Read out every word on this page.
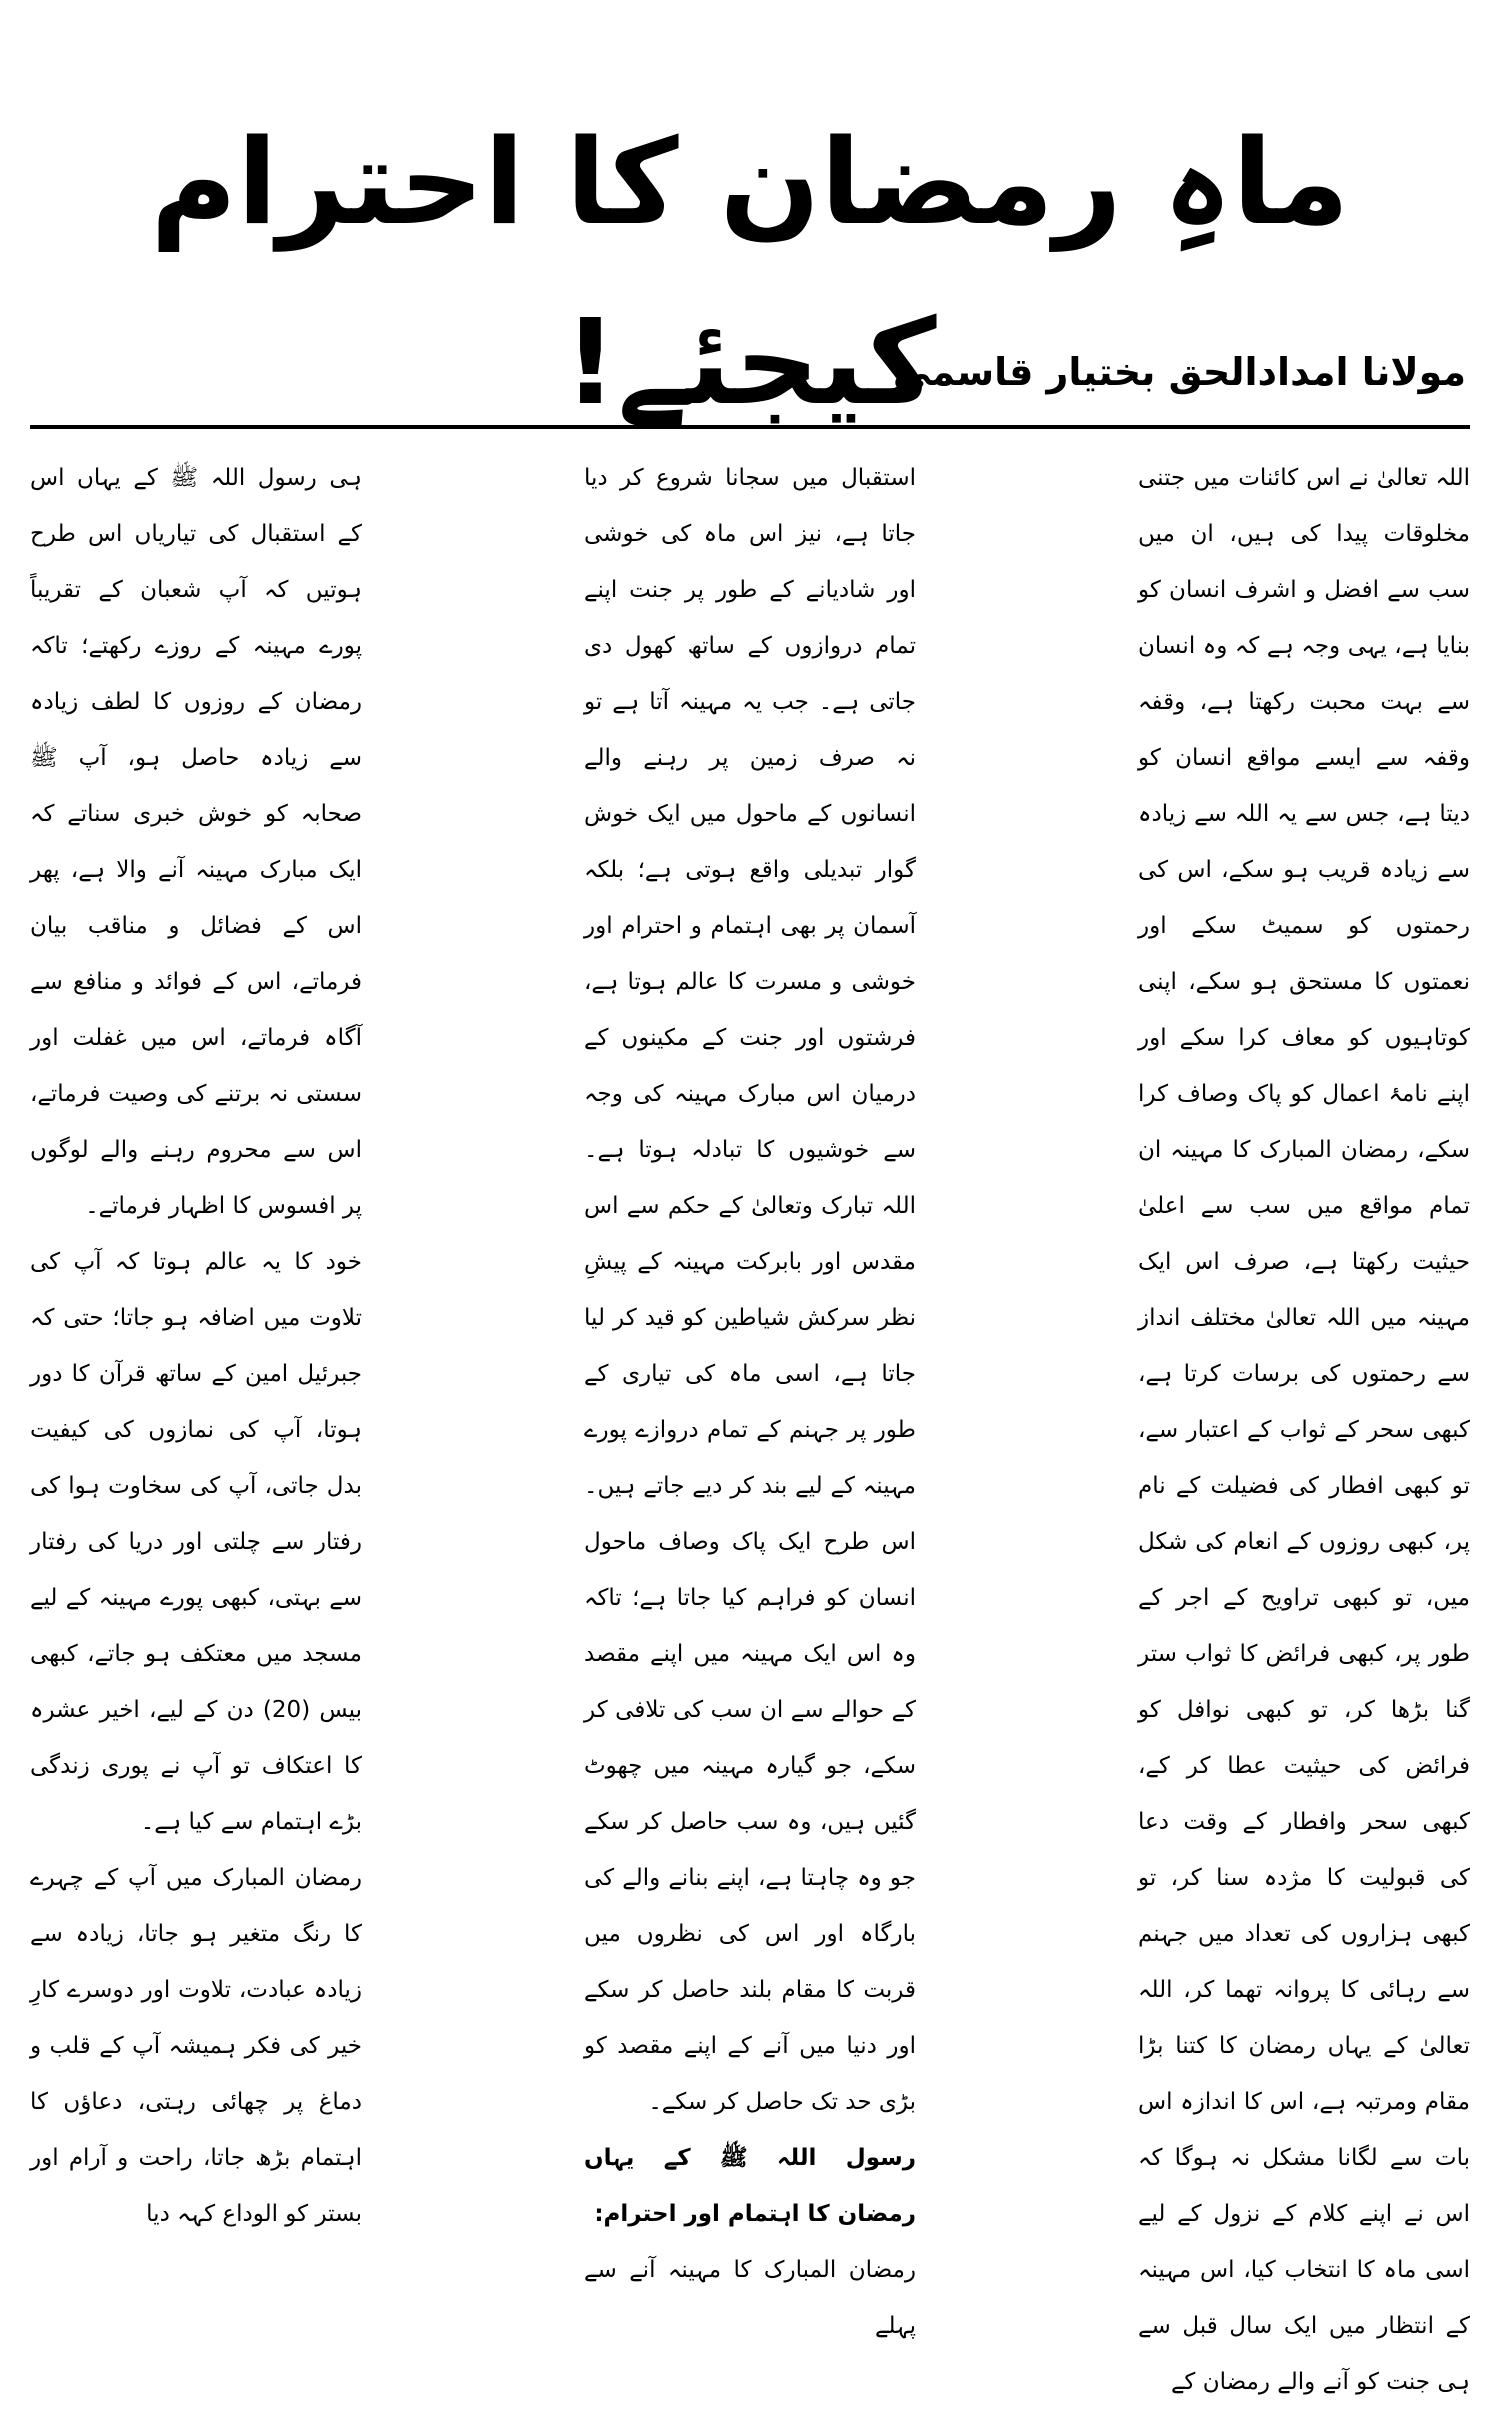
ماہِ رمضان کا احترام کیجئے!
مولانا امدادالحق بختیار قاسمی

اللہ تعالیٰ نے اس کائنات میں جتنی مخلوقات پیدا کی ہیں، ان میں سب سے افضل و اشرف انسان کو بنایا ہے، یہی وجہ ہے کہ وہ انسان سے بہت محبت رکھتا ہے، وقفہ وقفہ سے ایسے مواقع انسان کو دیتا ہے، جس سے یہ اللہ سے زیادہ سے زیادہ قریب ہو سکے، اس کی رحمتوں کو سمیٹ سکے اور نعمتوں کا مستحق ہو سکے، اپنی کوتاہیوں کو معاف کرا سکے اور اپنے نامۂ اعمال کو پاک وصاف کرا سکے، رمضان المبارک کا مہینہ ان تمام مواقع میں سب سے اعلیٰ حیثیت رکھتا ہے، صرف اس ایک مہینہ میں اللہ تعالیٰ مختلف انداز سے رحمتوں کی برسات کرتا ہے، کبھی سحر کے ثواب کے اعتبار سے، تو کبھی افطار کی فضیلت کے نام پر، کبھی روزوں کے انعام کی شکل میں، تو کبھی تراویح کے اجر کے طور پر، کبھی فرائض کا ثواب ستر گنا بڑھا کر، تو کبھی نوافل کو فرائض کی حیثیت عطا کر کے، کبھی سحر وافطار کے وقت دعا کی قبولیت کا مژدہ سنا کر، تو کبھی ہزاروں کی تعداد میں جہنم سے رہائی کا پروانہ تھما کر، اللہ تعالیٰ کے یہاں رمضان کا کتنا بڑا مقام ومرتبہ ہے، اس کا اندازہ اس بات سے لگانا مشکل نہ ہوگا کہ اس نے اپنے کلام کے نزول کے لیے اسی ماہ کا انتخاب کیا، اس مہینہ کے انتظار میں ایک سال قبل سے ہی جنت کو آنے والے رمضان کے

استقبال میں سجانا شروع کر دیا جاتا ہے، نیز اس ماہ کی خوشی اور شادیانے کے طور پر جنت اپنے تمام دروازوں کے ساتھ کھول دی جاتی ہے۔ جب یہ مہینہ آتا ہے تو نہ صرف زمین پر رہنے والے انسانوں کے ماحول میں ایک خوش گوار تبدیلی واقع ہوتی ہے؛ بلکہ آسمان پر بھی اہتمام و احترام اور خوشی و مسرت کا عالم ہوتا ہے، فرشتوں اور جنت کے مکینوں کے درمیان اس مبارک مہینہ کی وجہ سے خوشیوں کا تبادلہ ہوتا ہے۔ اللہ تبارک وتعالیٰ کے حکم سے اس مقدس اور بابرکت مہینہ کے پیشِ نظر سرکش شیاطین کو قید کر لیا جاتا ہے، اسی ماہ کی تیاری کے طور پر جہنم کے تمام دروازے پورے مہینہ کے لیے بند کر دیے جاتے ہیں۔ اس طرح ایک پاک وصاف ماحول انسان کو فراہم کیا جاتا ہے؛ تاکہ وہ اس ایک مہینہ میں اپنے مقصد کے حوالے سے ان سب کی تلافی کر سکے، جو گیارہ مہینہ میں چھوٹ گئیں ہیں، وہ سب حاصل کر سکے جو وہ چاہتا ہے، اپنے بنانے والے کی بارگاہ اور اس کی نظروں میں قربت کا مقام بلند حاصل کر سکے اور دنیا میں آنے کے اپنے مقصد کو بڑی حد تک حاصل کر سکے۔

رسول اللہ ﷺ کے یہاں رمضان کا اہتمام اور احترام:

رمضان المبارک کا مہینہ آنے سے پہلے

ہی رسول اللہ ﷺ کے یہاں اس کے استقبال کی تیاریاں اس طرح ہوتیں کہ آپ شعبان کے تقریباً پورے مہینہ کے روزے رکھتے؛ تاکہ رمضان کے روزوں کا لطف زیادہ سے زیادہ حاصل ہو، آپ ﷺ صحابہ کو خوش خبری سناتے کہ ایک مبارک مہینہ آنے والا ہے، پھر اس کے فضائل و مناقب بیان فرماتے، اس کے فوائد و منافع سے آگاہ فرماتے، اس میں غفلت اور سستی نہ برتنے کی وصیت فرماتے، اس سے محروم رہنے والے لوگوں پر افسوس کا اظہار فرماتے۔

خود کا یہ عالم ہوتا کہ آپ کی تلاوت میں اضافہ ہو جاتا؛ حتی کہ جبرئیل امین کے ساتھ قرآن کا دور ہوتا، آپ کی نمازوں کی کیفیت بدل جاتی، آپ کی سخاوت ہوا کی رفتار سے چلتی اور دریا کی رفتار سے بہتی، کبھی پورے مہینہ کے لیے مسجد میں معتکف ہو جاتے، کبھی بیس (20) دن کے لیے، اخیر عشرہ کا اعتکاف تو آپ نے پوری زندگی بڑے اہتمام سے کیا ہے۔

رمضان المبارک میں آپ کے چہرے کا رنگ متغیر ہو جاتا، زیادہ سے زیادہ عبادت، تلاوت اور دوسرے کارِ خیر کی فکر ہمیشہ آپ کے قلب و دماغ پر چھائی رہتی، دعاؤں کا اہتمام بڑھ جاتا، راحت و آرام اور بستر کو الوداع کہہ دیا
